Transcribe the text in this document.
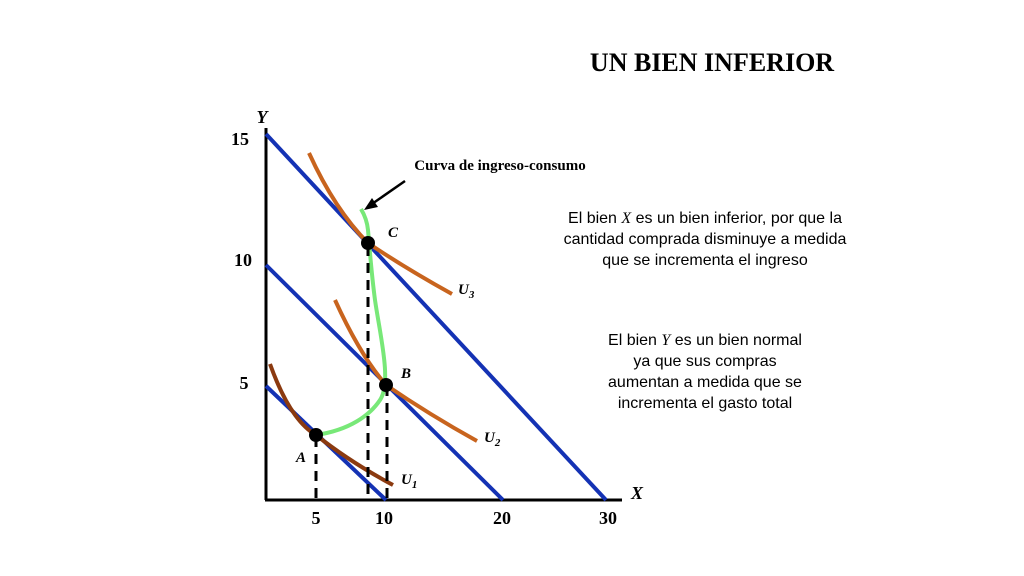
UN BIEN INFERIOR
Y
X
15
10
5
5	10	20	30
A
B
C
$U_1$
$U_2$
$U_3$
Curva de ingreso-consumo
El bien X es un bien inferior, por que la
cantidad comprada disminuye a medida
que se incrementa el ingreso
El bien Y es un bien normal
ya que sus compras
aumentan a medida que se
incrementa el gasto total
